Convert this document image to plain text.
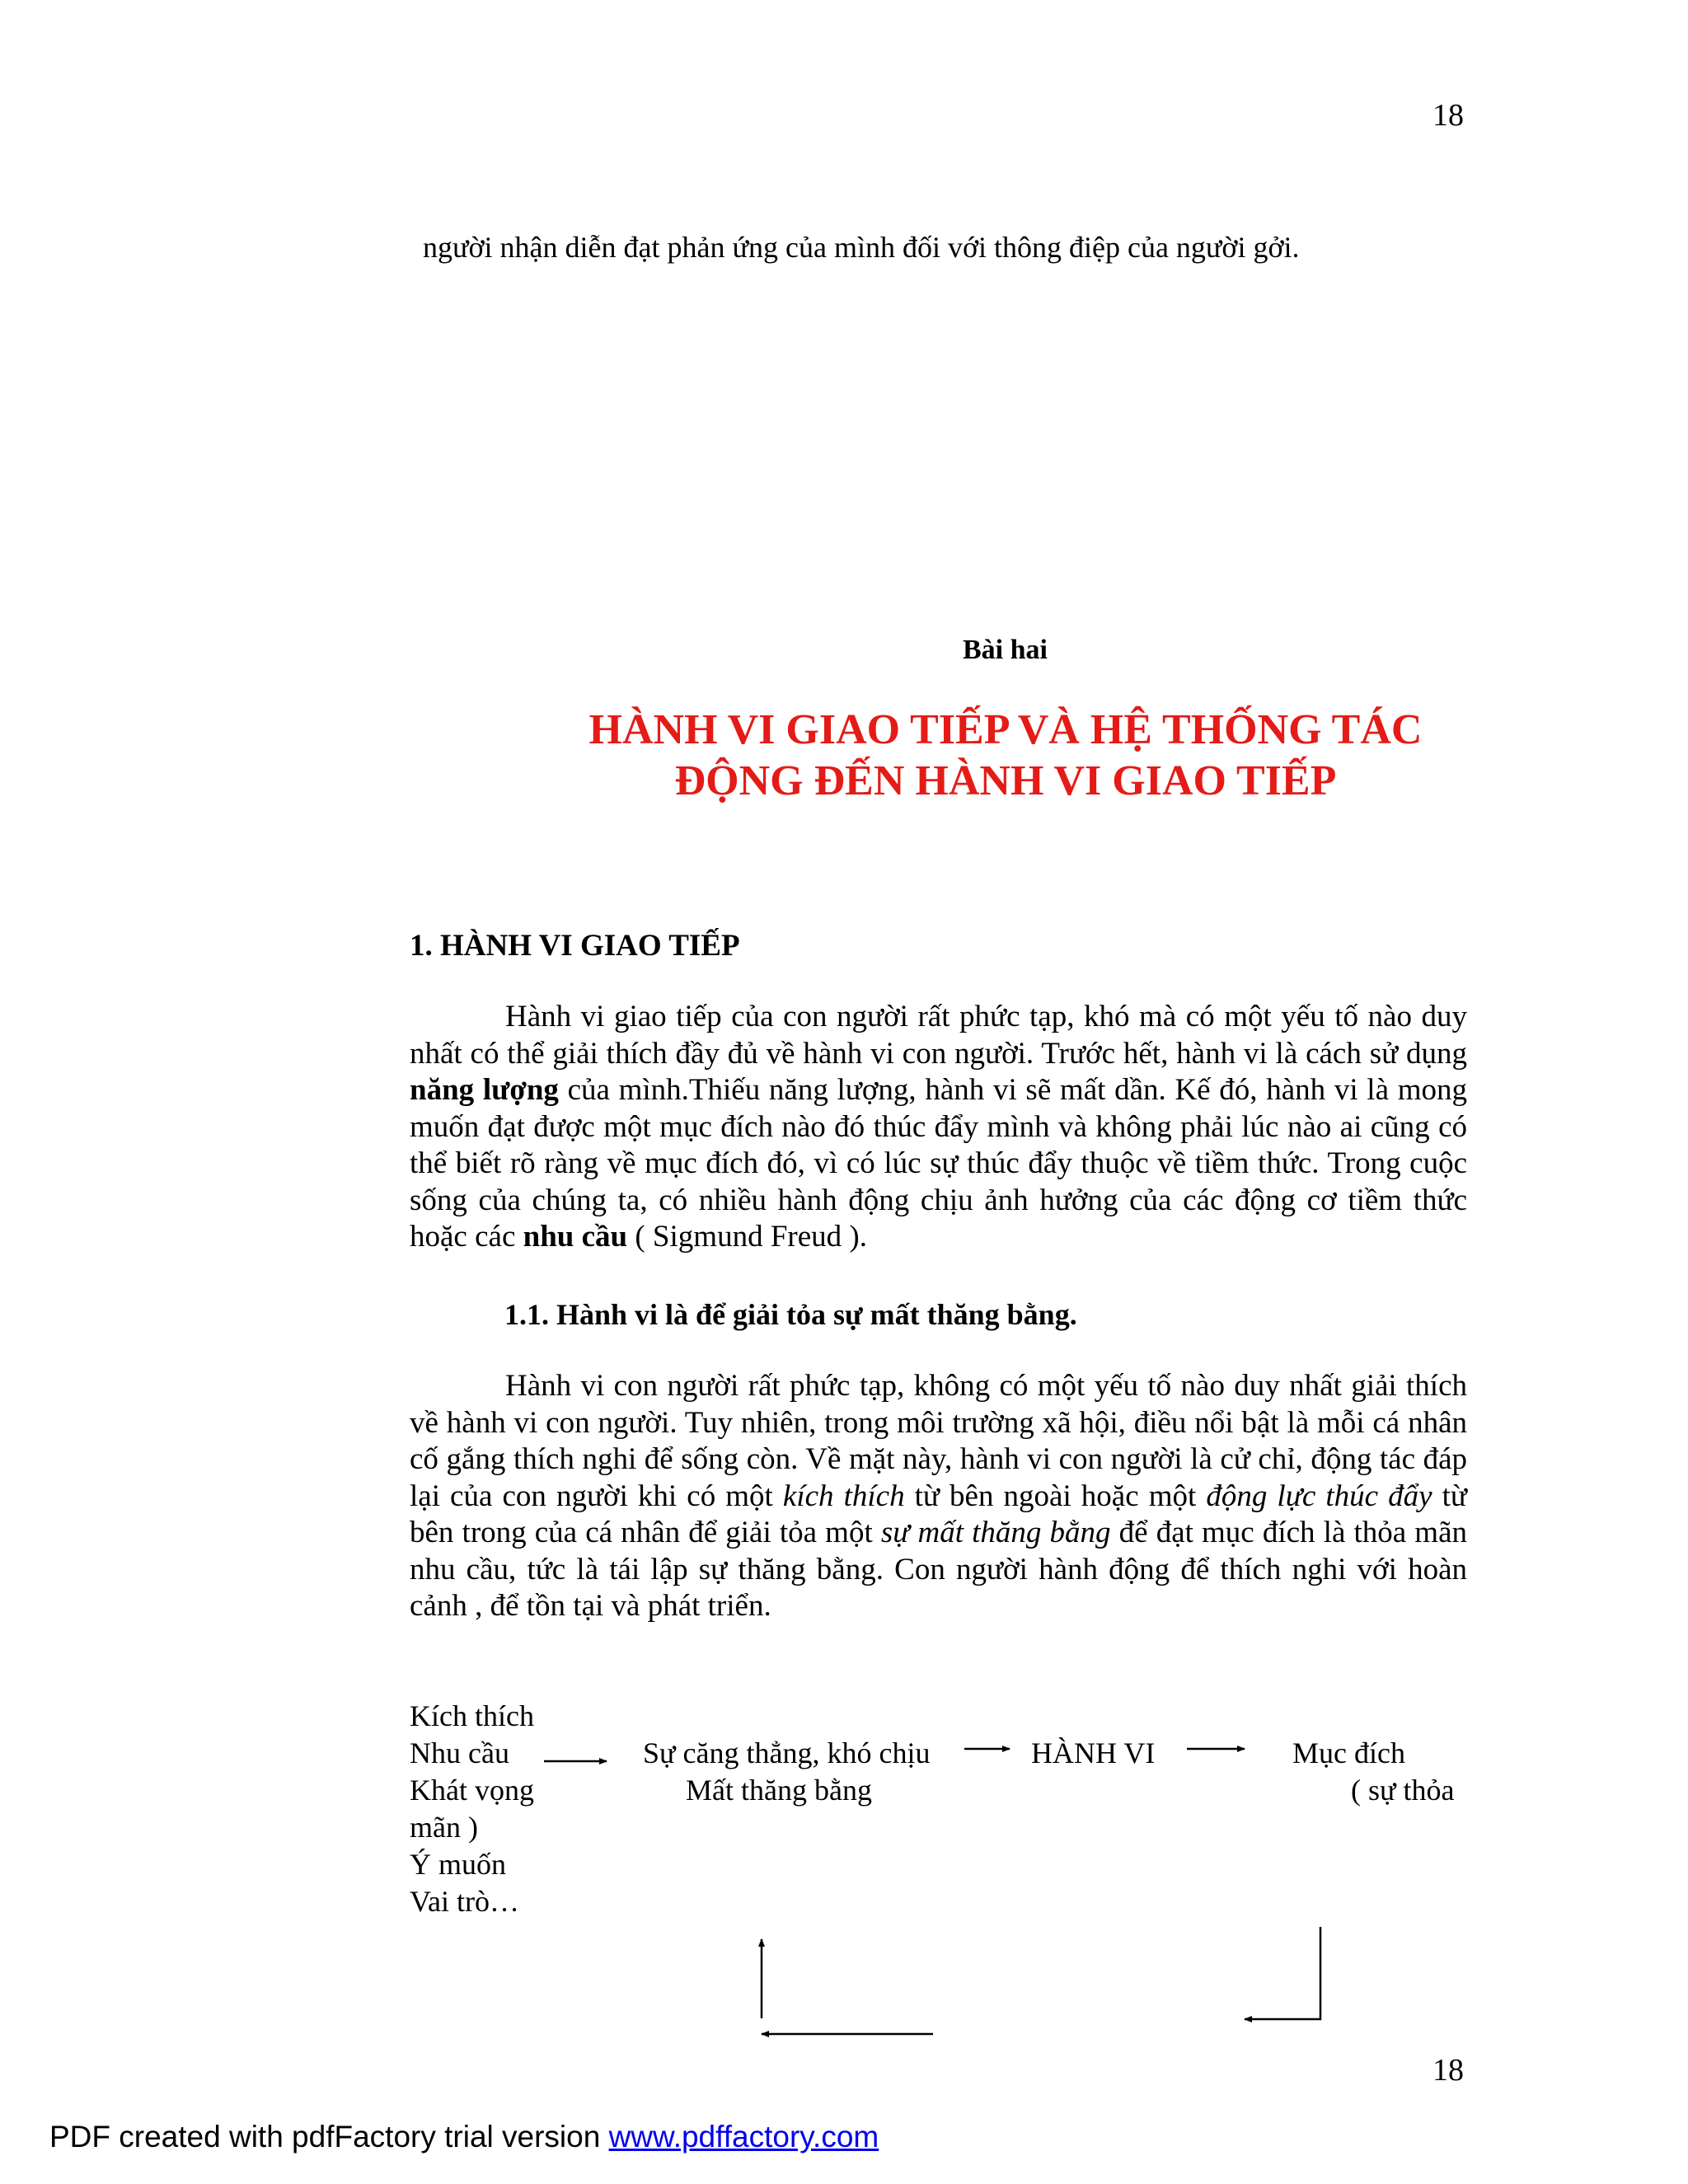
18
người nhận diễn đạt phản ứng của mình đối với thông điệp của người gởi.
Bài hai
HÀNH VI GIAO TIẾP VÀ HỆ THỐNG TÁC
ĐỘNG ĐẾN HÀNH VI GIAO TIẾP
1. HÀNH VI GIAO TIẾP
Hành vi giao tiếp của con người rất phức tạp, khó mà có một yếu tố nào duy nhất có thể giải thích đầy đủ về hành vi con người. Trước hết, hành vi là cách sử dụng năng lượng của mình.Thiếu năng lượng, hành vi sẽ mất dần. Kế đó, hành vi là mong muốn đạt được một mục đích nào đó thúc đẩy mình và không phải lúc nào ai cũng có thể biết rõ ràng về mục đích đó, vì có lúc sự thúc đẩy thuộc về tiềm thức. Trong cuộc sống của chúng ta, có nhiều hành động chịu ảnh hưởng của các động cơ tiềm thức hoặc các nhu cầu ( Sigmund Freud ).
1.1. Hành vi là để giải tỏa sự mất thăng bằng.
Hành vi con người rất phức tạp, không có một yếu tố nào duy nhất giải thích về hành vi con người. Tuy nhiên, trong môi trường xã hội, điều nổi bật là mỗi cá nhân cố gắng thích nghi để sống còn. Về mặt này, hành vi con người là cử chỉ, động tác đáp lại của con người khi có một kích thích từ bên ngoài hoặc một động lực thúc đẩy từ bên trong của cá nhân để giải tỏa một sự mất thăng bằng để đạt mục đích là thỏa mãn nhu cầu, tức là tái lập sự thăng bằng. Con người hành động để thích nghi với hoàn cảnh , để tồn tại và phát triển.
Kích thích
Nhu cầu
Khát vọng
mãn )
Ý muốn
Vai trò…
Sự căng thẳng, khó chịu
Mất thăng bằng
HÀNH VI	Mục đích
( sự thỏa
18
PDF created with pdfFactory trial version www.pdffactory.com
